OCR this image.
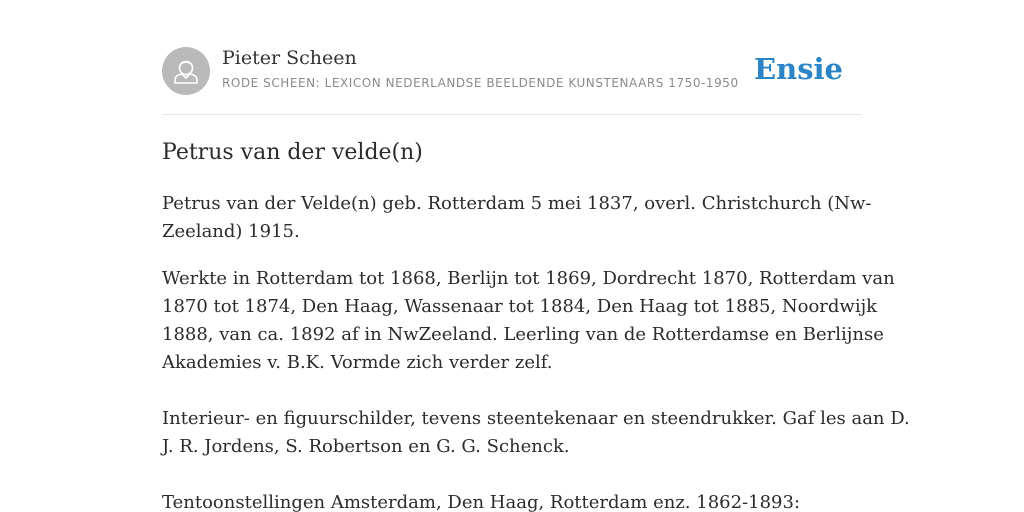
Pieter Scheen
RODE SCHEEN: LEXICON NEDERLANDSE BEELDENDE KUNSTENAARS 1750-1950 Ensie
Petrus van der velde(n)

Petrus van der Velde(n) geb. Rotterdam 5 mei 1837, overl. Christchurch (Nw-

Zeeland) 1915.

Werkte in Rotterdam tot 1868, Berlijn tot 1869, Dordrecht 1870, Rotterdam van

1870 tot 1874, Den Haag, Wassenaar tot 1884, Den Haag tot 1885, Noordwijk

1888, van ca. 1892 af in NwZeeland. Leerling van de Rotterdamse en Berlijnse

Akademies v. B.K. Vormde zich verder zelf.

Interieur- en figuurschilder, tevens steentekenaar en steendrukker. Gaf les aan D.

J. R. Jordens, S. Robertson en G. G. Schenck.

Tentoonstellingen Amsterdam, Den Haag, Rotterdam enz. 1862-1893:
